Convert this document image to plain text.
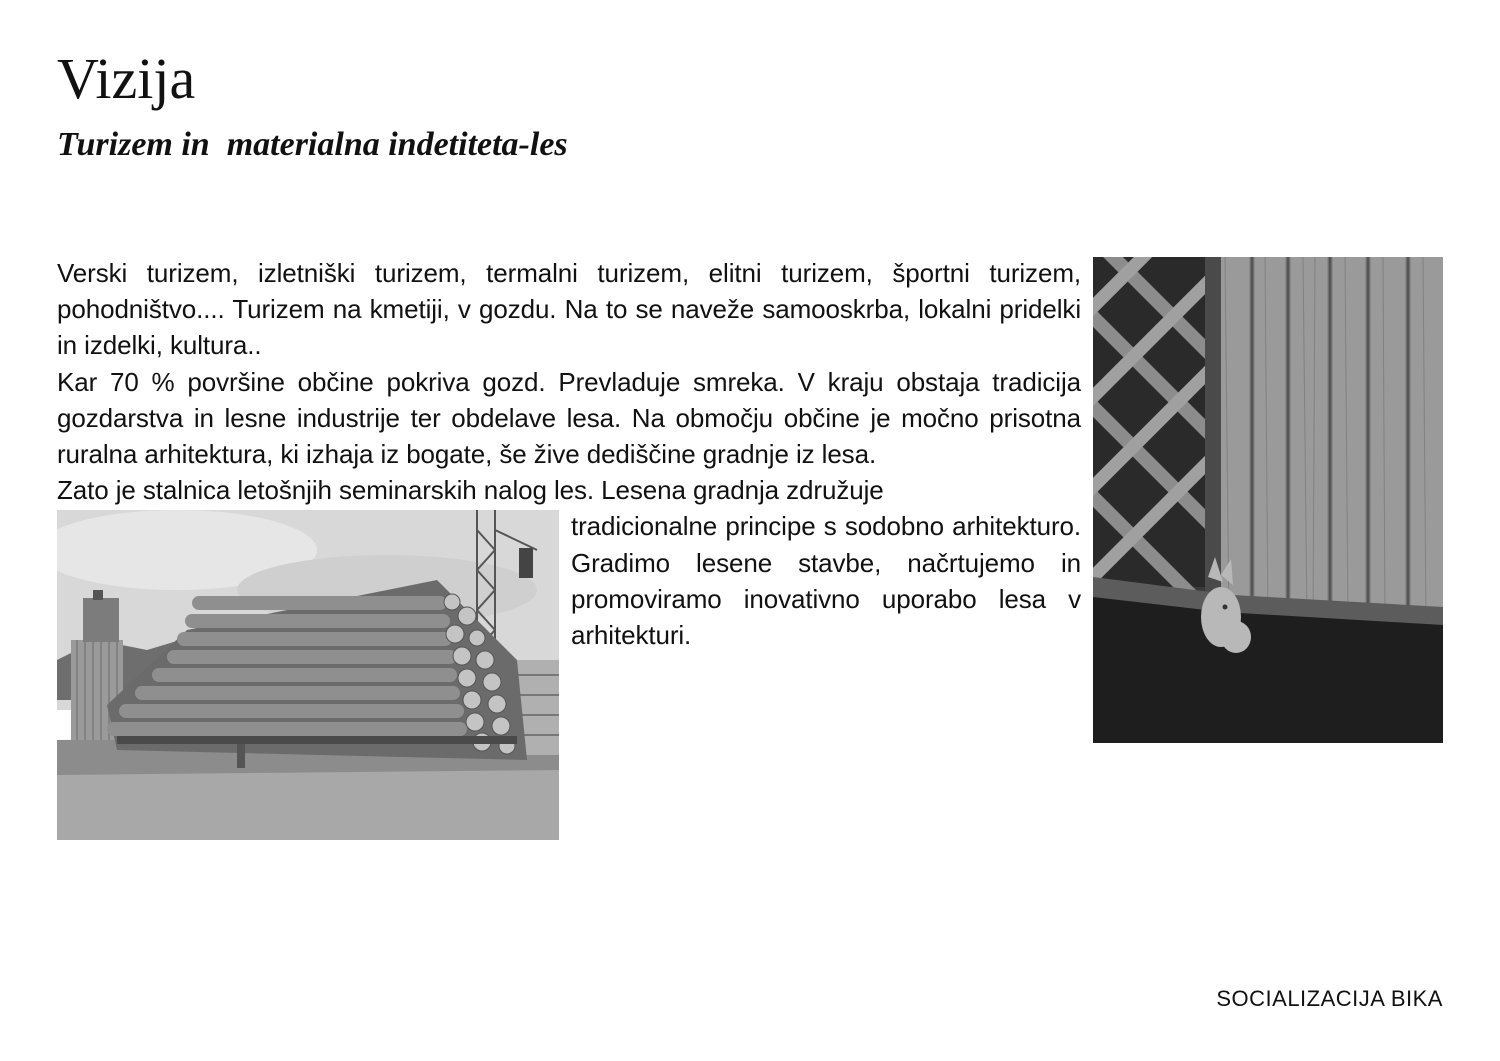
Vizija
Turizem in  materialna indetiteta-les

Verski turizem, izletniški turizem, termalni turizem, elitni turizem, športni turizem, pohodništvo.... Turizem na kmetiji, v gozdu. Na to se naveže samooskrba, lokalni pridelki in izdelki, kultura..

Kar 70 % površine občine pokriva gozd. Prevladuje smreka. V kraju obstaja tradicija gozdarstva in lesne industrije ter obdelave lesa. Na območju občine je močno prisotna ruralna arhitektura, ki izhaja iz bogate, še žive dediščine gradnje iz lesa.

Zato je stalnica letošnjih seminarskih nalog les. Lesena gradnja združuje

tradicionalne principe s sodobno arhitekturo. Gradimo lesene stavbe, načrtujemo in promoviramo inovativno uporabo lesa v arhitekturi.

SOCIALIZACIJA BIKA
